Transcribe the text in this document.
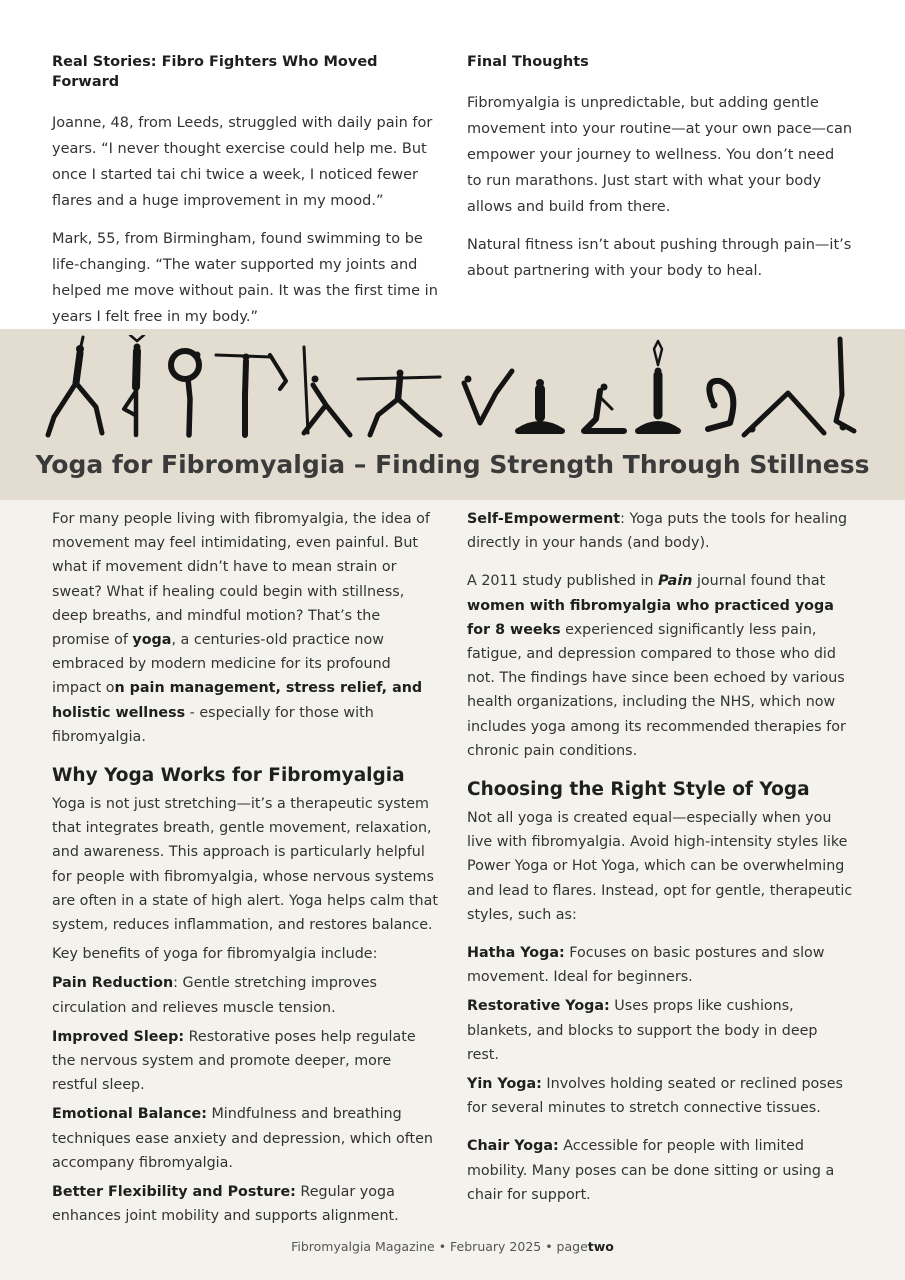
Real Stories: Fibro Fighters Who Moved Forward

Joanne, 48, from Leeds, struggled with daily pain for years. “I never thought exercise could help me. But once I started tai chi twice a week, I noticed fewer flares and a huge improvement in my mood.”

Mark, 55, from Birmingham, found swimming to be life-changing. “The water supported my joints and helped me move without pain. It was the first time in years I felt free in my body.”

Final Thoughts

Fibromyalgia is unpredictable, but adding gentle movement into your routine—at your own pace—can empower your journey to wellness. You don’t need to run marathons. Just start with what your body allows and build from there.

Natural fitness isn’t about pushing through pain—it’s about partnering with your body to heal.

Yoga for Fibromyalgia – Finding Strength Through Stillness

For many people living with fibromyalgia, the idea of movement may feel intimidating, even painful. But what if movement didn’t have to mean strain or sweat? What if healing could begin with stillness, deep breaths, and mindful motion? That’s the promise of yoga, a centuries-old practice now embraced by modern medicine for its profound impact on pain management, stress relief, and holistic wellness - especially for those with fibromyalgia.

Why Yoga Works for Fibromyalgia

Yoga is not just stretching—it’s a therapeutic system that integrates breath, gentle movement, relaxation, and awareness. This approach is particularly helpful for people with fibromyalgia, whose nervous systems are often in a state of high alert. Yoga helps calm that system, reduces inflammation, and restores balance.

Key benefits of yoga for fibromyalgia include:

Pain Reduction: Gentle stretching improves circulation and relieves muscle tension.

Improved Sleep: Restorative poses help regulate the nervous system and promote deeper, more restful sleep.

Emotional Balance: Mindfulness and breathing techniques ease anxiety and depression, which often accompany fibromyalgia.

Better Flexibility and Posture: Regular yoga enhances joint mobility and supports alignment.

Self-Empowerment: Yoga puts the tools for healing directly in your hands (and body).

A 2011 study published in Pain journal found that women with fibromyalgia who practiced yoga for 8 weeks experienced significantly less pain, fatigue, and depression compared to those who did not. The findings have since been echoed by various health organizations, including the NHS, which now includes yoga among its recommended therapies for chronic pain conditions.

Choosing the Right Style of Yoga

Not all yoga is created equal—especially when you live with fibromyalgia. Avoid high-intensity styles like Power Yoga or Hot Yoga, which can be overwhelming and lead to flares. Instead, opt for gentle, therapeutic styles, such as:

Hatha Yoga: Focuses on basic postures and slow movement. Ideal for beginners.

Restorative Yoga: Uses props like cushions, blankets, and blocks to support the body in deep rest.

Yin Yoga: Involves holding seated or reclined poses for several minutes to stretch connective tissues.

Chair Yoga: Accessible for people with limited mobility. Many poses can be done sitting or using a chair for support.

Fibromyalgia Magazine • February 2025 • pagetwo
